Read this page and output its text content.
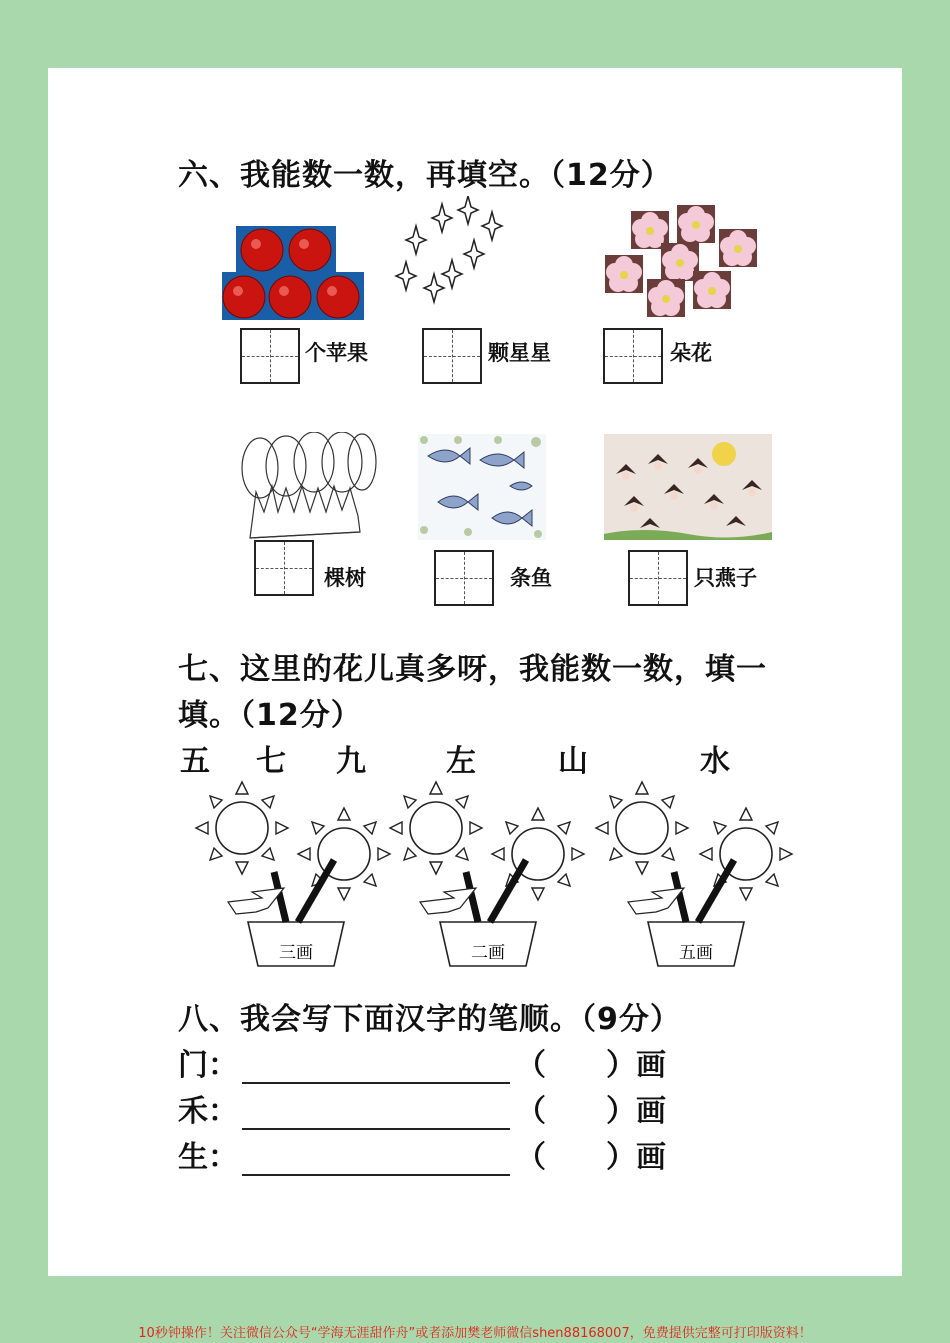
六、我能数一数，再填空。（12分）
个苹果	颗星星	朵花
棵树	条鱼	只燕子
七、这里的花儿真多呀，我能数一数，填一
填。（12分）
五 七 九	左	山	水
三画	二画	五画
八、我会写下面汉字的笔顺。（9分）
门：	（　　）画
禾：	（　　）画
生：	（　　）画
10秒钟操作！关注微信公众号“学海无涯甜作舟”或者添加樊老师微信shen88168007，免费提供完整可打印版资料！
